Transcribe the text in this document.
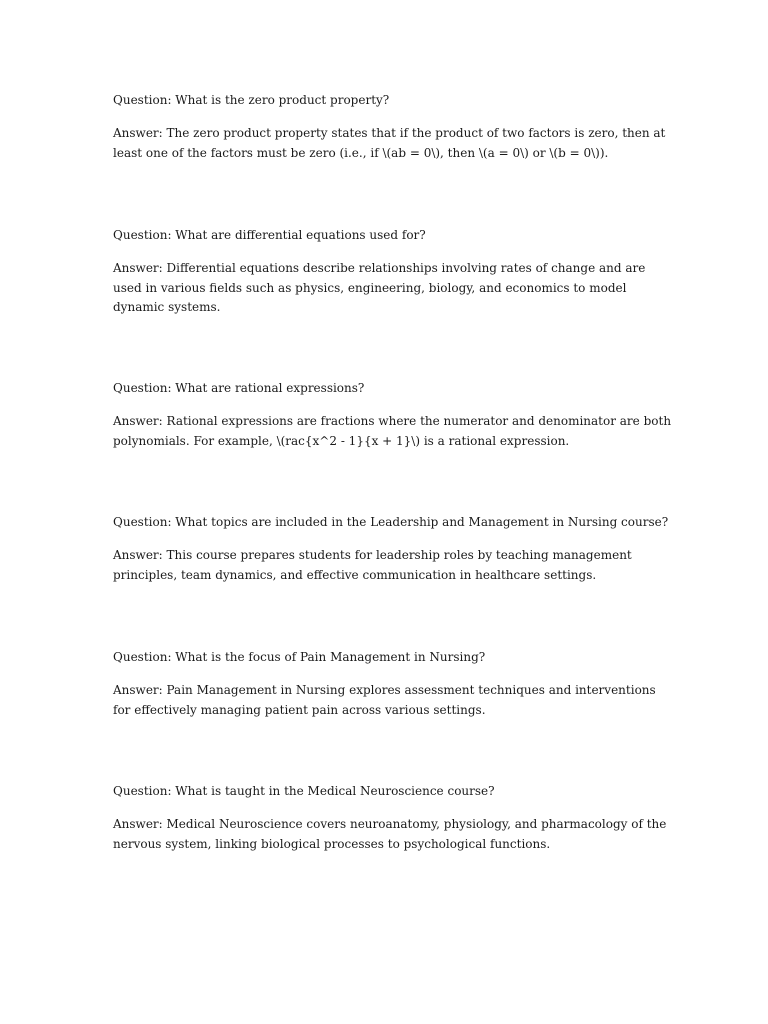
Question: What is the zero product property?
Answer: The zero product property states that if the product of two factors is zero, then at
least one of the factors must be zero (i.e., if \(ab = 0\), then \(a = 0\) or \(b = 0\)).
Question: What are differential equations used for?
Answer: Differential equations describe relationships involving rates of change and are
used in various fields such as physics, engineering, biology, and economics to model
dynamic systems.
Question: What are rational expressions?
Answer: Rational expressions are fractions where the numerator and denominator are both
polynomials. For example, \(rac{x^2 - 1}{x + 1}\) is a rational expression.
Question: What topics are included in the Leadership and Management in Nursing course?
Answer: This course prepares students for leadership roles by teaching management
principles, team dynamics, and effective communication in healthcare settings.
Question: What is the focus of Pain Management in Nursing?
Answer: Pain Management in Nursing explores assessment techniques and interventions
for effectively managing patient pain across various settings.
Question: What is taught in the Medical Neuroscience course?
Answer: Medical Neuroscience covers neuroanatomy, physiology, and pharmacology of the
nervous system, linking biological processes to psychological functions.
